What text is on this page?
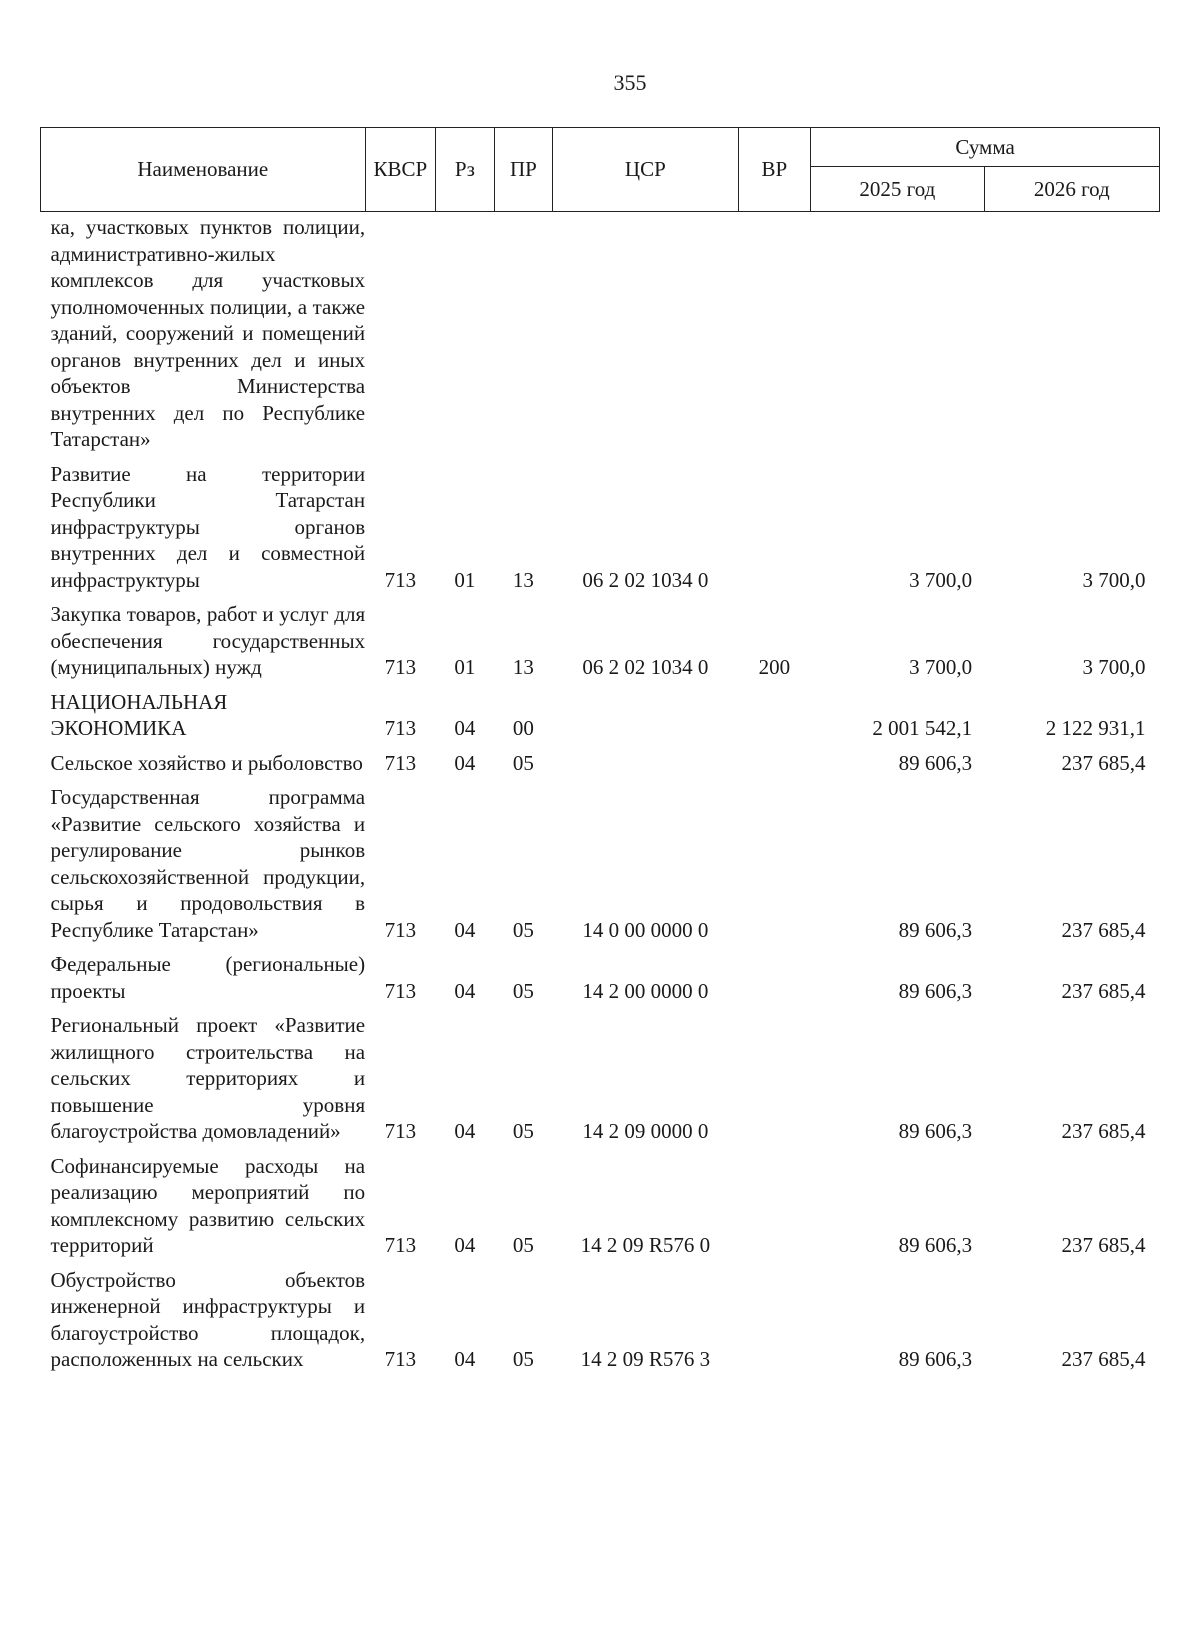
355
Наименование	КВСР	Рз	ПР	ЦСР	ВР	Сумма	
						2025 год	2026 год
ка, участковых пунктов полиции, административно-жилых комплексов для участковых уполномоченных полиции, а также зданий, сооружений и помещений органов внутренних дел и иных объектов Министерства внутренних дел по Республике Татарстан»							
Развитие на территории Республики Татарстан инфраструктуры органов внутренних дел и совместной инфраструктуры	713	01	13	06 2 02 1034 0		3 700,0	3 700,0
Закупка товаров, работ и услуг для обеспечения государственных (муниципальных) нужд	713	01	13	06 2 02 1034 0	200	3 700,0	3 700,0
НАЦИОНАЛЬНАЯ ЭКОНОМИКА	713	04	00			2 001 542,1	2 122 931,1
Сельское хозяйство и рыболовство	713	04	05			89 606,3	237 685,4
Государственная программа «Развитие сельского хозяйства и регулирование рынков сельскохозяйственной продукции, сырья и продовольствия в Республике Татарстан»	713	04	05	14 0 00 0000 0		89 606,3	237 685,4
Федеральные (региональные) проекты	713	04	05	14 2 00 0000 0		89 606,3	237 685,4
Региональный проект «Развитие жилищного строительства на сельских территориях и повышение уровня благоустройства домовладений»	713	04	05	14 2 09 0000 0		89 606,3	237 685,4
Софинансируемые расходы на реализацию мероприятий по комплексному развитию сельских территорий	713	04	05	14 2 09 R576 0		89 606,3	237 685,4
Обустройство объектов инженерной инфраструктуры и благоустройство площадок, расположенных на сельских	713	04	05	14 2 09 R576 3		89 606,3	237 685,4
